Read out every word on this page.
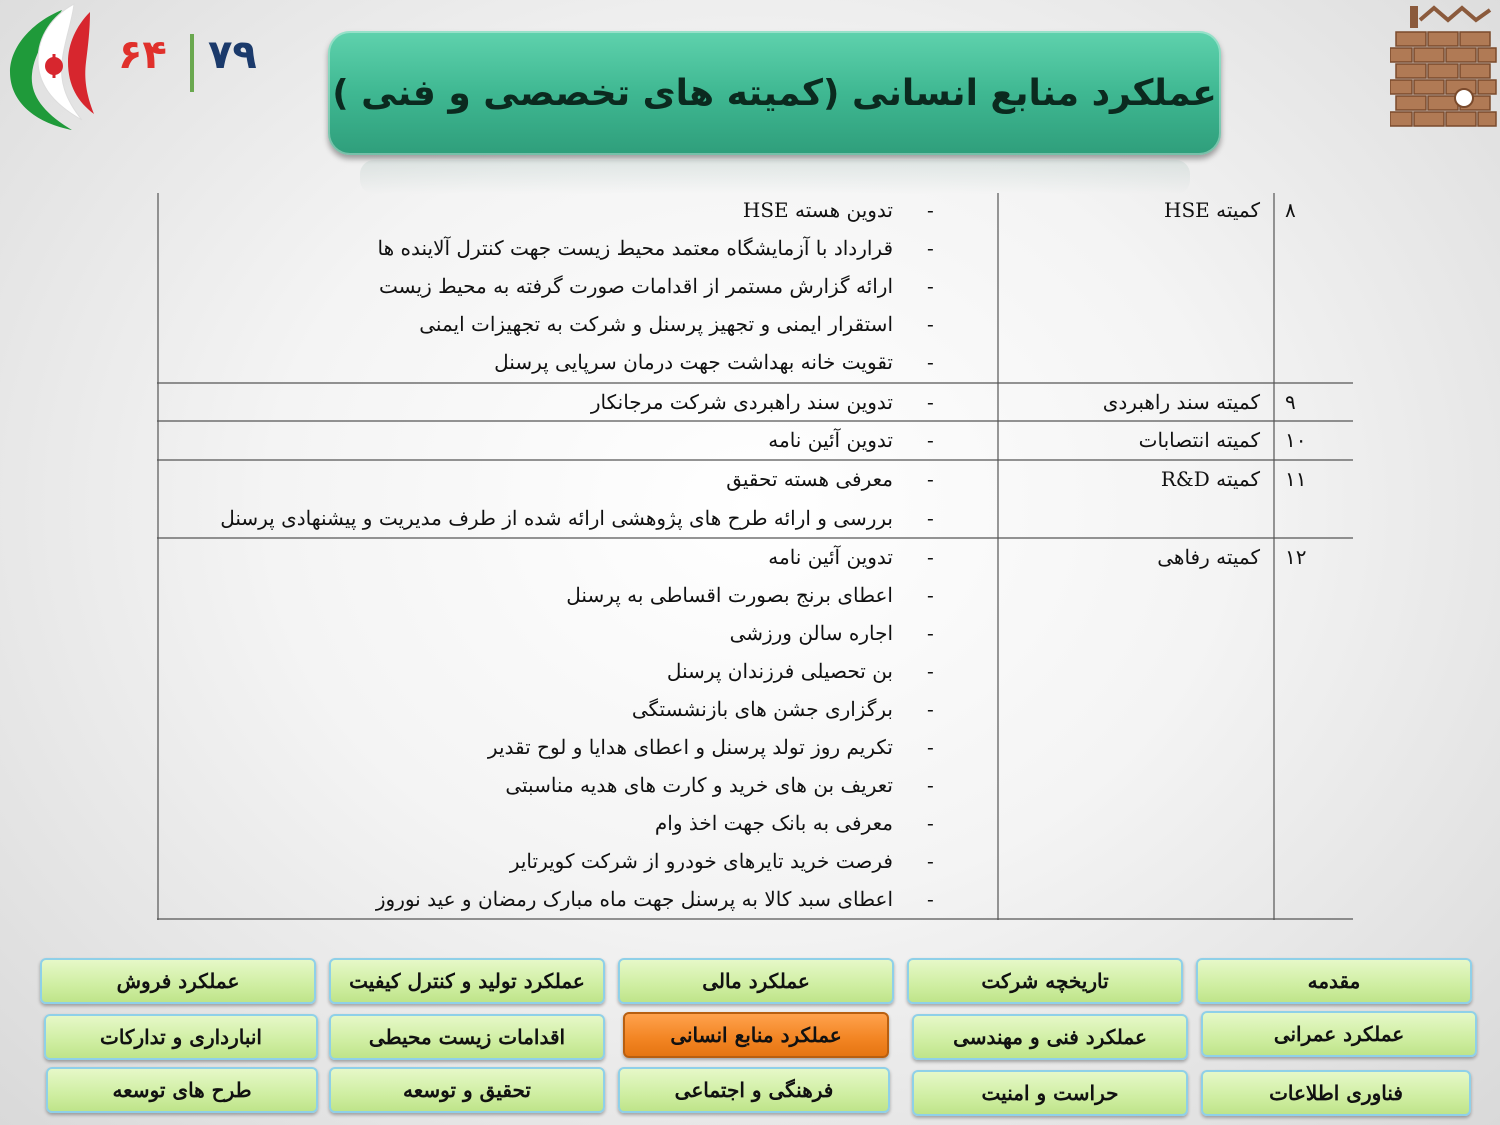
۶۴ ۷۹
عملکرد منابع انسانی (کمیته های تخصصی و فنی )
۸
کمیته HSE
-
تدوین هسته HSE
-
قرارداد با آزمایشگاه معتمد محیط زیست جهت کنترل آلاینده ها
-
ارائه گزارش مستمر از اقدامات صورت گرفته به محیط زیست
-
استقرار ایمنی و تجهیز پرسنل و شرکت به تجهیزات ایمنی
-
تقویت خانه بهداشت جهت درمان سرپایی پرسنل
۹
کمیته سند راهبردی
-
تدوین سند راهبردی شرکت مرجانکار
۱۰
کمیته انتصابات
-
تدوین آئین نامه
۱۱
کمیته R&D
-
معرفی هسته تحقیق
-
بررسی و ارائه طرح های پژوهشی ارائه شده از طرف مدیریت و پیشنهادی پرسنل
۱۲
کمیته رفاهی
-
تدوین آئین نامه
-
اعطای برنج بصورت اقساطی به پرسنل
-
اجاره سالن ورزشی
-
بن تحصیلی فرزندان پرسنل
-
برگزاری جشن های بازنشستگی
-
تکریم روز تولد پرسنل و اعطای هدایا و لوح تقدیر
-
تعریف بن های خرید و کارت های هدیه مناسبتی
-
معرفی به بانک جهت اخذ وام
-
فرصت خرید تایرهای خودرو از شرکت کویرتایر
-
اعطای سبد کالا به پرسنل جهت ماه مبارک رمضان و عید نوروز
مقدمه
تاریخچه شرکت
عملکرد مالی
عملکرد تولید و کنترل کیفیت
عملکرد فروش
عملکرد عمرانی
عملکرد فنی و مهندسی
عملکرد منابع انسانی
اقدامات زیست محیطی
انبارداری و تدارکات
فناوری اطلاعات
حراست و امنیت
فرهنگی و اجتماعی
تحقیق و توسعه
طرح های توسعه
